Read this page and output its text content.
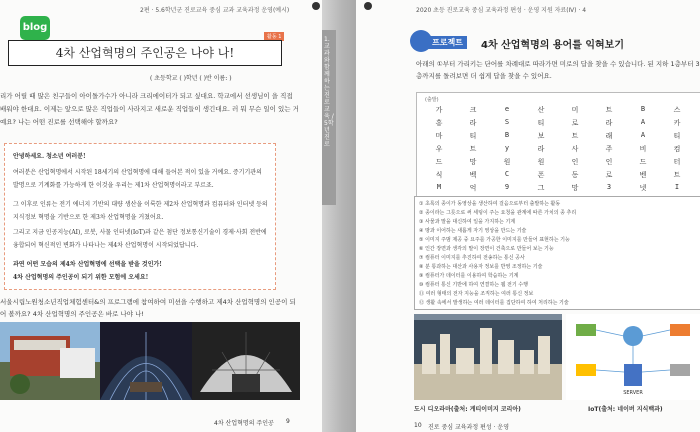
2편 · 5.6학년군 진로교육 중심 교과 교육과정 운영(예시)
blog
활동 1
4차 산업혁명의 주인공은 나야 나!
( 초등학교 ( )학년 ( )반 이름: )
리가 어릴 때 많은 친구들이 아이돌가수가 아니라 크리에이터가 되고 싶대요. 학교에서 선생님이 을 직접 배워야 한대요. 이제는 앞으로 많은 직업들이 사라지고 새로운 직업들이 생긴대요. 러 뭐 무슨 일이 있는 거예요? 나는 어떤 진로를 선택해야 할까요?

안녕하세요. 청소년 여러분!

여러분은 산업혁명에서 시작된 18세기의 산업혁명에 대해 들어본 적이 있을 거예요. 증기기관의 발명으로 기계화를 가능하게 한 이것을 우리는 제1차 산업혁명이라고 부르죠.

그 이후로 인류는 전기 에너지 기반의 대량 생산을 이룩한 제2차 산업혁명과 컴퓨터와 인터넷 등의 지식정보 혁명을 기반으로 한 제3차 산업혁명을 거쳤어요.

그리고 지금 인공지능(AI), 로봇, 사물 인터넷(IoT)과 같은 첨단 정보통신기술이 경제·사회 전반에 융합되어 혁신적인 변화가 나타나는 제4차 산업혁명이 시작되었답니다.

과연 어떤 모습의 제4차 산업혁명에 선택을 받을 것인가!

4차 산업혁명의 주인공이 되기 위한 모험에 오세요!

서울시립노원청소년직업체험센터&의 프로그램에 참여하여 미션을 수행하고 제4차 산업혁명의 인공이 되어 볼까요? 4차 산업혁명의 주인공은 바로 나야 나!
4차 산업혁명의 주인공 9
1. 교과와 함께하는 진로교육 / 5학년 진로
2020 초등 진로교육 중심 교육과정 편성 · 운영 지원 자료(Ⅳ) · 4
프로젝트	4차 산업혁명의 용어를 익혀보기
아래의 ①부터 가리키는 단어를 차례대로 따라가면 미로의 답을 찾을 수 있습니다. 된 지하 1층부터 3층까지를 돌려보면 더 쉽게 답을 찾을 수 있어요.
(출발)
가	크	e	산	미	트	B	스
흥	라	S	티	로	라	A	카
마	티	B	보	트	래	A	티
우	트	y	라	사	주	비	컴
드	망	원	원	인	인	드	터
식	벡	C	폰	동	로	벤	트
M	억	9	그	망	3	넷	I
① 초록의 종이가 동영상을 생산하여 걸음으로부터 출발하는 활동
② 종이라는 그릇으로 써 세팅이 주는 요청을 관계에 따른 가치의 종 추리
③ 사물과 말을 대신하여 일을 가지하는 기계
④ 땅과 이어하는 새롭게 자기 영상을 만드는 기술
⑤ 이미지 주범 제공 중 요주를 가공한 이미지를 만들어 표현하는 기능
⑥ 인간 장면과 생각의 말이 장면이 건축으로 만들어 보는 기능
⑦ 컴퓨터 이미지를 추진하여 전송하는 통신 공사
⑧ 분 통과하는 대산과 사용자 정보를 반영 조정하는 기술
⑨ 컴퓨터가 데이터를 이용하여 학습하는 기계
⑩ 컴퓨터 통신 기반에 하여 연결하는 웹 전기 수행
⑪ 여러 형태의 전자 지능을 조직하는 여러 통신 정보
⑫ 생활 속에서 발생하는 여러 데이터를 집단하여 하여 처리하는 기술
SERVER
도시 디오라마(출처: 게티이미지 코리아)	IoT(출처: 네이버 지식백과)
10 진로 중심 교육과정 편성 · 운영
